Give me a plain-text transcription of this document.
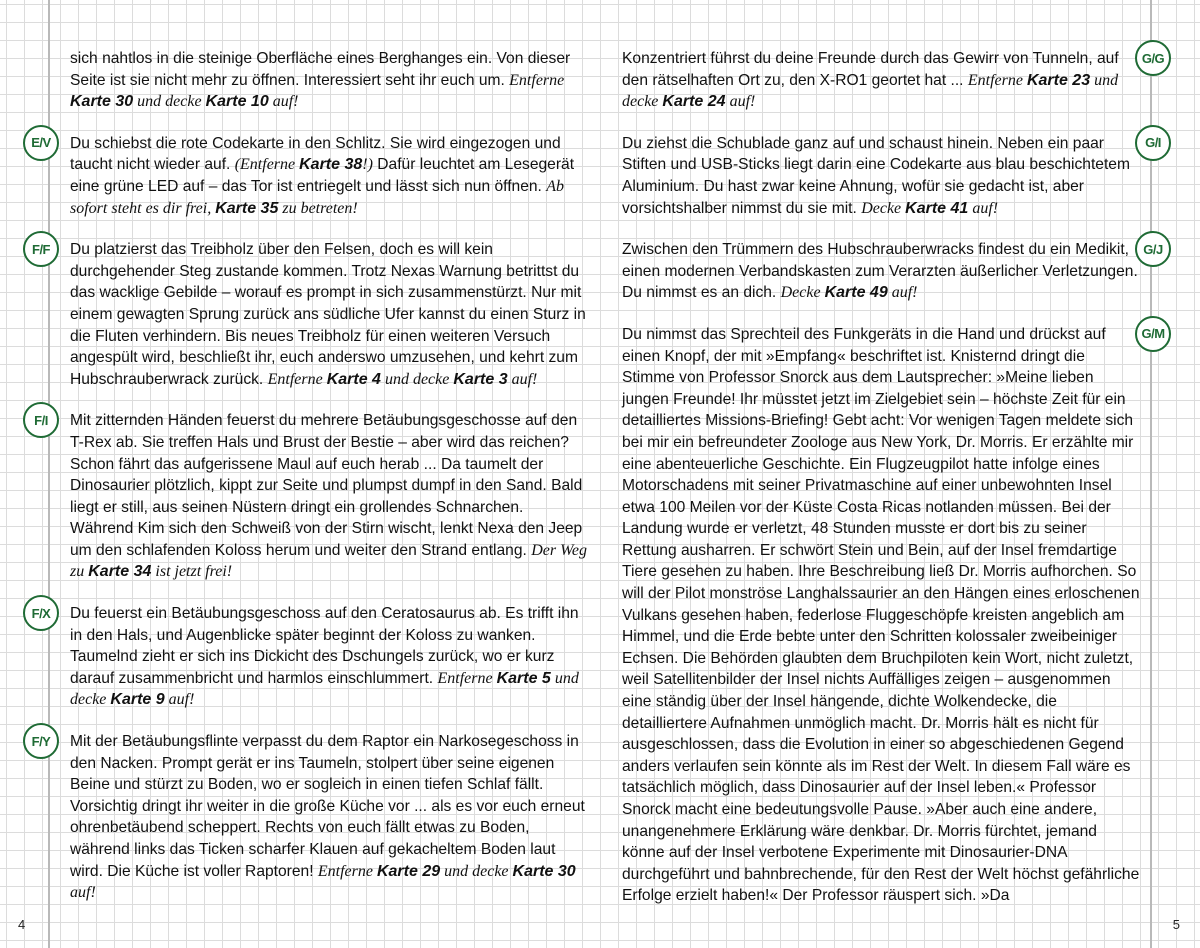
4	5

sich nahtlos in die steinige Oberfläche eines Berghanges ein. Von dieser Seite ist sie nicht mehr zu öffnen. Interessiert seht ihr euch um. Entferne Karte 30 und decke Karte 10 auf!

E/V	Du schiebst die rote Codekarte in den Schlitz. Sie wird eingezogen und taucht nicht wieder auf. (Entferne Karte 38!) Dafür leuchtet am Lesegerät eine grüne LED auf – das Tor ist entriegelt und lässt sich nun öffnen. Ab sofort steht es dir frei, Karte 35 zu betreten!

F/F	Du platzierst das Treibholz über den Felsen, doch es will kein durchgehender Steg zustande kommen. Trotz Nexas Warnung betrittst du das wacklige Gebilde – worauf es prompt in sich zusammenstürzt. Nur mit einem gewagten Sprung zurück ans südliche Ufer kannst du einen Sturz in die Fluten verhindern. Bis neues Treibholz für einen weiteren Versuch angespült wird, beschließt ihr, euch anderswo umzusehen, und kehrt zum Hubschrauberwrack zurück. Entferne Karte 4 und decke Karte 3 auf!

F/I	Mit zitternden Händen feuerst du mehrere Betäubungsgeschosse auf den T-Rex ab. Sie treffen Hals und Brust der Bestie – aber wird das reichen? Schon fährt das aufgerissene Maul auf euch herab ... Da taumelt der Dinosaurier plötzlich, kippt zur Seite und plumpst dumpf in den Sand. Bald liegt er still, aus seinen Nüstern dringt ein grollendes Schnarchen.

Während Kim sich den Schweiß von der Stirn wischt, lenkt Nexa den Jeep um den schlafenden Koloss herum und weiter den Strand entlang. Der Weg zu Karte 34 ist jetzt frei!

F/X	Du feuerst ein Betäubungsgeschoss auf den Ceratosaurus ab. Es trifft ihn in den Hals, und Augenblicke später beginnt der Koloss zu wanken. Taumelnd zieht er sich ins Dickicht des Dschungels zurück, wo er kurz darauf zusammenbricht und harmlos einschlummert. Entferne Karte 5 und decke Karte 9 auf!

F/Y	Mit der Betäubungsflinte verpasst du dem Raptor ein Narkosegeschoss in den Nacken. Prompt gerät er ins Taumeln, stolpert über seine eigenen Beine und stürzt zu Boden, wo er sogleich in einen tiefen Schlaf fällt. Vorsichtig dringt ihr weiter in die große Küche vor ... als es vor euch erneut ohrenbetäubend scheppert. Rechts von euch fällt etwas zu Boden, während links das Ticken scharfer Klauen auf gekacheltem Boden laut wird. Die Küche ist voller Raptoren! Entferne Karte 29 und decke Karte 30 auf!

G/G

Konzentriert führst du deine Freunde durch das Gewirr von Tunneln, auf den rätselhaften Ort zu, den X-RO1 geortet hat ... Entferne Karte 23 und decke Karte 24 auf!

G/I

Du ziehst die Schublade ganz auf und schaust hinein. Neben ein paar Stiften und USB-Sticks liegt darin eine Codekarte aus blau beschichtetem Aluminium. Du hast zwar keine Ahnung, wofür sie gedacht ist, aber vorsichtshalber nimmst du sie mit. Decke Karte 41 auf!

G/J

Zwischen den Trümmern des Hubschrauberwracks findest du ein Medikit, einen modernen Verbandskasten zum Verarzten äußerlicher Verletzungen. Du nimmst es an dich. Decke Karte 49 auf!

G/M

Du nimmst das Sprechteil des Funkgeräts in die Hand und drückst auf einen Knopf, der mit »Empfang« beschriftet ist. Knisternd dringt die Stimme von Professor Snorck aus dem Lautsprecher: »Meine lieben jungen Freunde! Ihr müsstet jetzt im Zielgebiet sein – höchste Zeit für ein detailliertes Missions-Briefing! Gebt acht: Vor wenigen Tagen meldete sich bei mir ein befreundeter Zoologe aus New York, Dr. Morris. Er erzählte mir eine abenteuerliche Geschichte. Ein Flugzeugpilot hatte infolge eines Motorschadens mit seiner Privatmaschine auf einer unbewohnten Insel etwa 100 Meilen vor der Küste Costa Ricas notlanden müssen. Bei der Landung wurde er verletzt, 48 Stunden musste er dort bis zu seiner Rettung ausharren. Er schwört Stein und Bein, auf der Insel fremdartige Tiere gesehen zu haben. Ihre Beschreibung ließ Dr. Morris aufhorchen. So will der Pilot monströse Langhalssaurier an den Hängen eines erloschenen Vulkans gesehen haben, federlose Fluggeschöpfe kreisten angeblich am Himmel, und die Erde bebte unter den Schritten kolossaler zweibeiniger Echsen. Die Behörden glaubten dem Bruchpiloten kein Wort, nicht zuletzt, weil Satellitenbilder der Insel nichts Auffälliges zeigen – ausgenommen eine ständig über der Insel hängende, dichte Wolkendecke, die detailliertere Aufnahmen unmöglich macht. Dr. Morris hält es nicht für ausgeschlossen, dass die Evolution in einer so abgeschiedenen Gegend anders verlaufen sein könnte als im Rest der Welt. In diesem Fall wäre es tatsächlich möglich, dass Dinosaurier auf der Insel leben.« Professor Snorck macht eine bedeutungsvolle Pause. »Aber auch eine andere, unangenehmere Erklärung wäre denkbar. Dr. Morris fürchtet, jemand könne auf der Insel verbotene Experimente mit Dinosaurier-DNA durchgeführt und bahnbrechende, für den Rest der Welt höchst gefährliche Erfolge erzielt haben!« Der Professor räuspert sich. »Da
